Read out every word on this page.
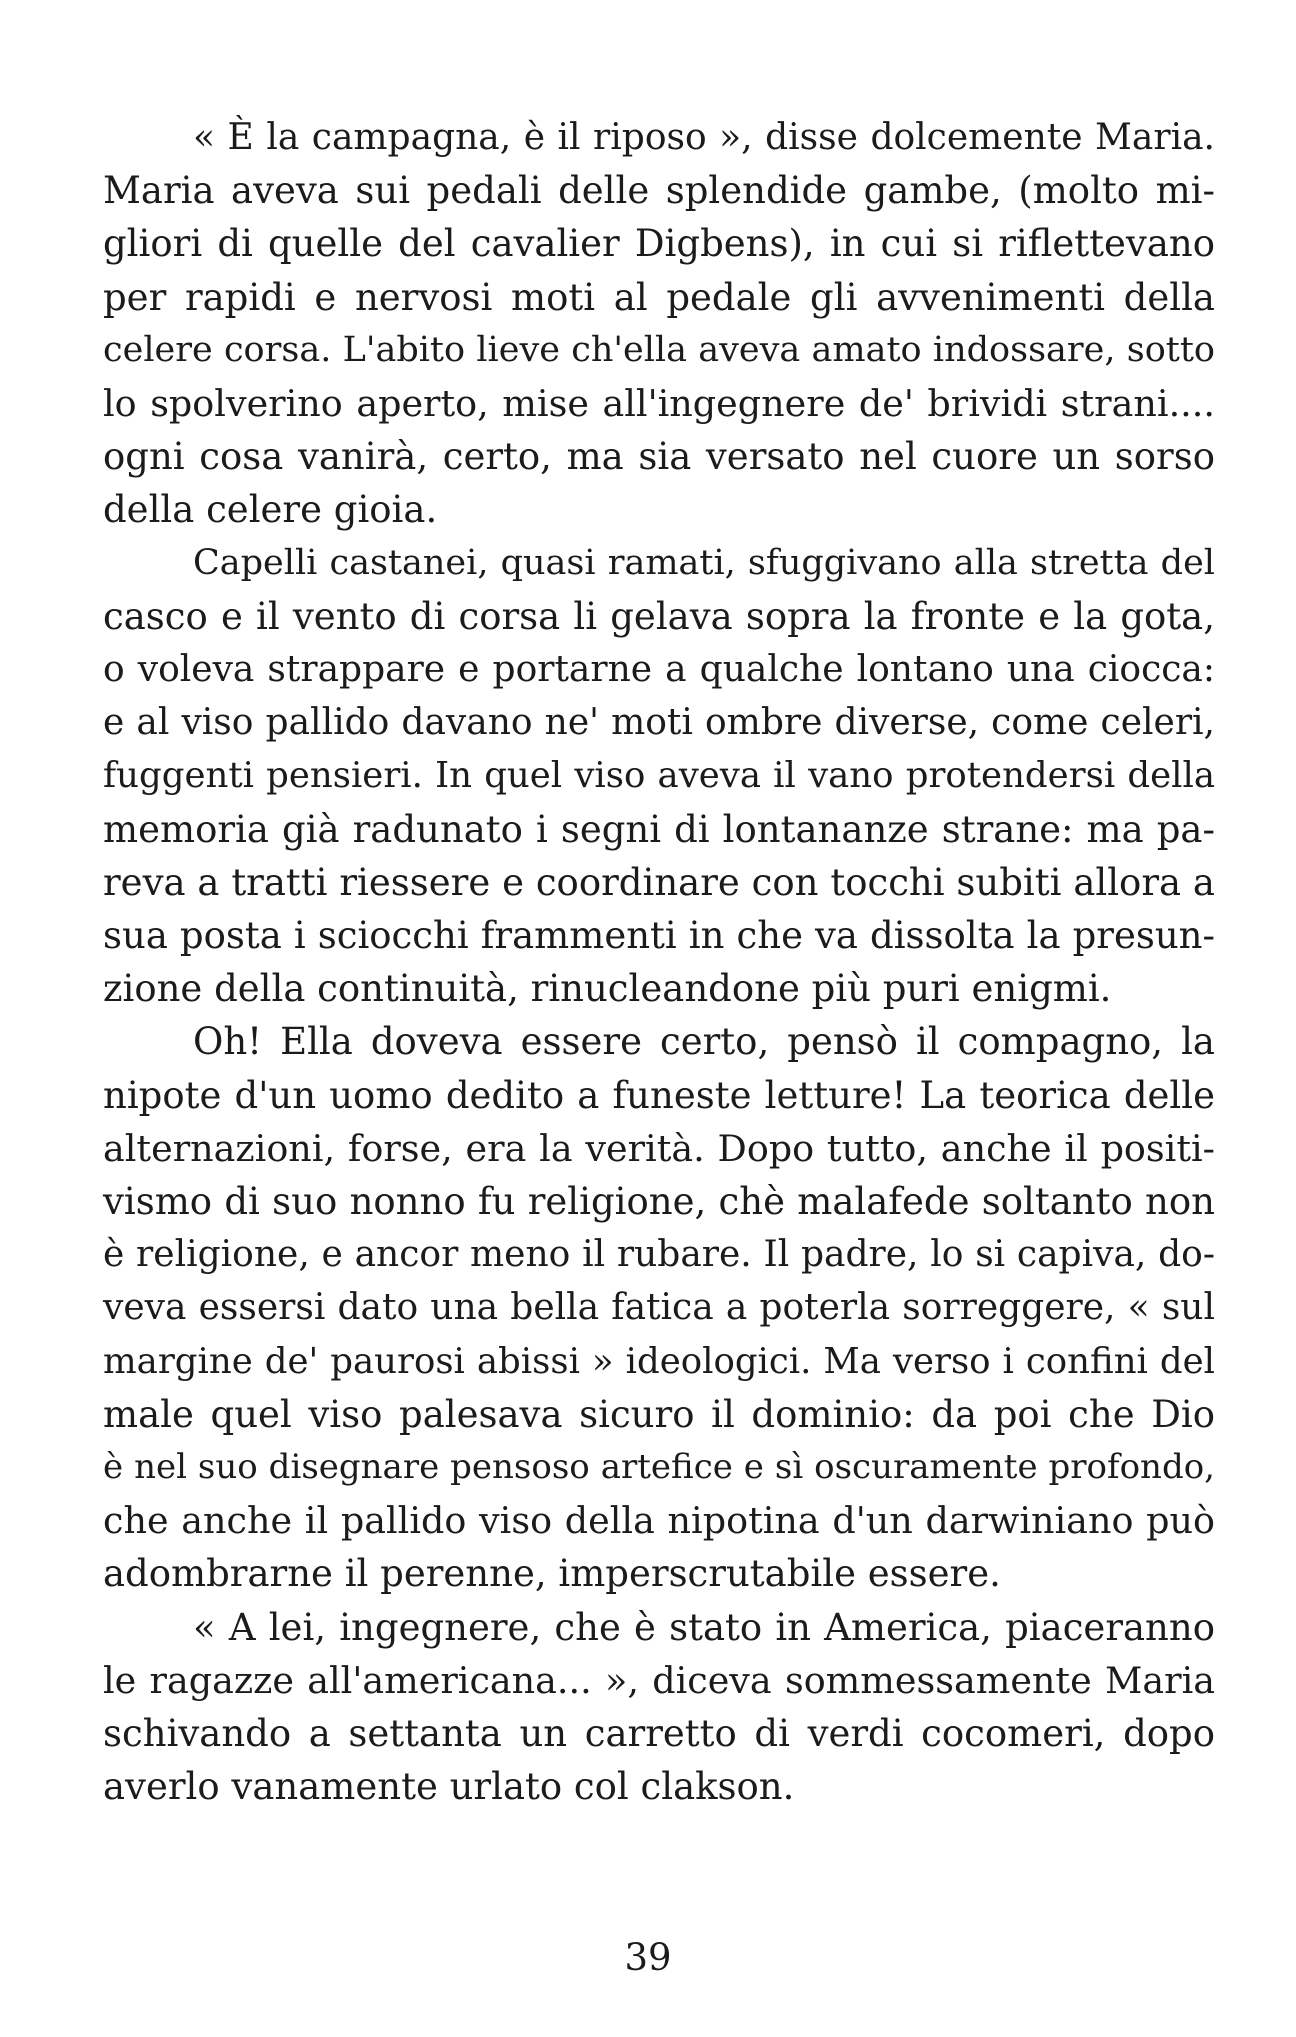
« È la campagna, è il riposo », disse dolcemente Maria.
Maria aveva sui pedali delle splendide gambe, (molto mi-
gliori di quelle del cavalier Digbens), in cui si riflettevano
per rapidi e nervosi moti al pedale gli avvenimenti della
celere corsa. L'abito lieve ch'ella aveva amato indossare, sotto
lo spolverino aperto, mise all'ingegnere de' brividi strani....
ogni cosa vanirà, certo, ma sia versato nel cuore un sorso
della celere gioia.
Capelli castanei, quasi ramati, sfuggivano alla stretta del
casco e il vento di corsa li gelava sopra la fronte e la gota,
o voleva strappare e portarne a qualche lontano una ciocca:
e al viso pallido davano ne' moti ombre diverse, come celeri,
fuggenti pensieri. In quel viso aveva il vano protendersi della
memoria già radunato i segni di lontananze strane: ma pa-
reva a tratti riessere e coordinare con tocchi subiti allora a
sua posta i sciocchi frammenti in che va dissolta la presun-
zione della continuità, rinucleandone più puri enigmi.
Oh! Ella doveva essere certo, pensò il compagno, la
nipote d'un uomo dedito a funeste letture! La teorica delle
alternazioni, forse, era la verità. Dopo tutto, anche il positi-
vismo di suo nonno fu religione, chè malafede soltanto non
è religione, e ancor meno il rubare. Il padre, lo si capiva, do-
veva essersi dato una bella fatica a poterla sorreggere, « sul
margine de' paurosi abissi » ideologici. Ma verso i confini del
male quel viso palesava sicuro il dominio: da poi che Dio
è nel suo disegnare pensoso artefice e sì oscuramente profondo,
che anche il pallido viso della nipotina d'un darwiniano può
adombrarne il perenne, imperscrutabile essere.
« A lei, ingegnere, che è stato in America, piaceranno
le ragazze all'americana... », diceva sommessamente Maria
schivando a settanta un carretto di verdi cocomeri, dopo
averlo vanamente urlato col clakson.
39
